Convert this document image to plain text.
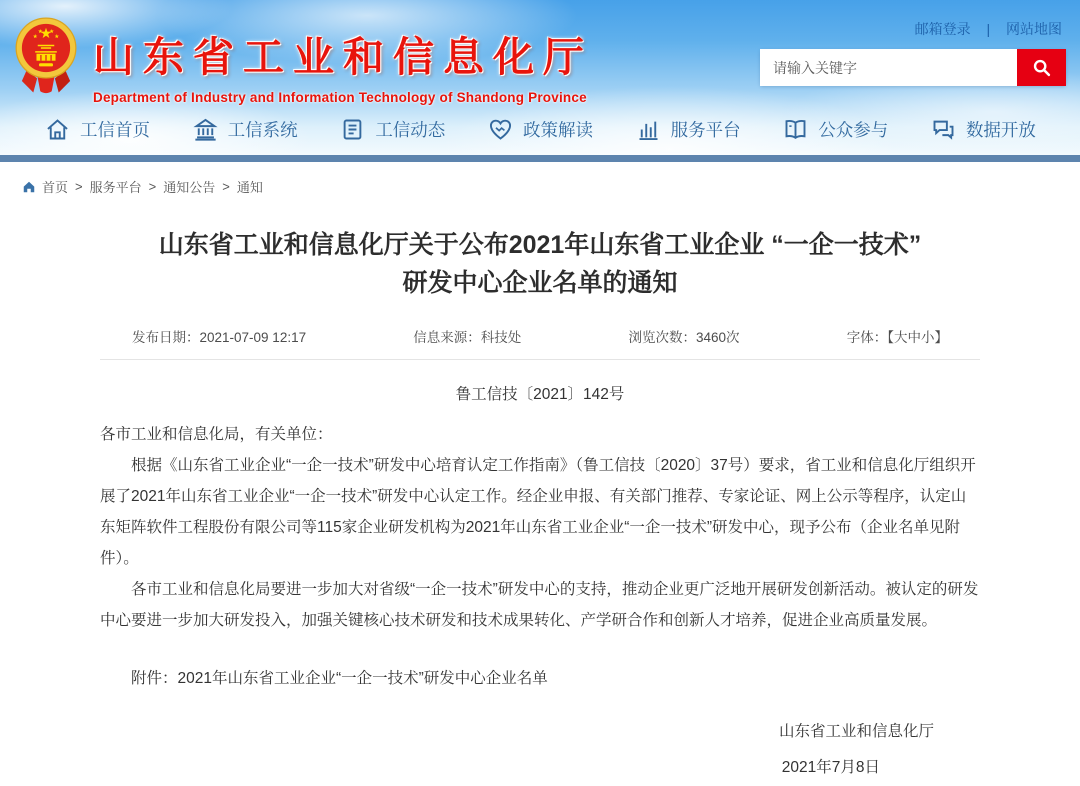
山东省工业和信息化厅
Department of Industry and Information Technology of Shandong Province
邮箱登录 | 网站地图
请输入关键字
工信首页	工信系统	工信动态	政策解读	服务平台	公众参与	数据开放
首页 > 服务平台 > 通知公告 > 通知
山东省工业和信息化厅关于公布2021年山东省工业企业 “一企一技术”
研发中心企业名单的通知
发布日期：2021-07-09 12:17	信息来源：科技处	浏览次数：3460次	字体：【大中小】
鲁工信技〔2021〕142号

各市工业和信息化局，有关单位：

根据《山东省工业企业“一企一技术”研发中心培育认定工作指南》（鲁工信技〔2020〕37号）要求，省工业和信息化厅组织开展了2021年山东省工业企业“一企一技术”研发中心认定工作。经企业申报、有关部门推荐、专家论证、网上公示等程序，认定山东矩阵软件工程股份有限公司等115家企业研发机构为2021年山东省工业企业“一企一技术”研发中心，现予公布（企业名单见附件）。

各市工业和信息化局要进一步加大对省级“一企一技术”研发中心的支持，推动企业更广泛地开展研发创新活动。被认定的研发中心要进一步加大研发投入，加强关键核心技术研发和技术成果转化、产学研合作和创新人才培养，促进企业高质量发展。

附件：2021年山东省工业企业“一企一技术”研发中心企业名单
山东省工业和信息化厅
2021年7月8日
